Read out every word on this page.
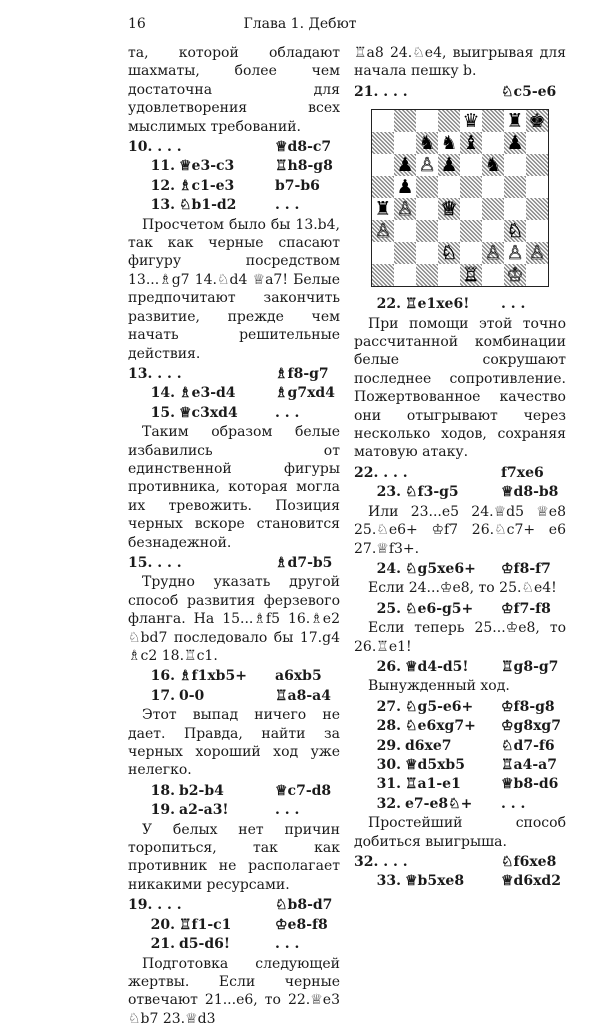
16	Глава 1. Дебют

та, которой обладают шахматы, более чем достаточна для удовлетворения всех мыслимых требований.

10. . . .	♕d8-c7
11. ♕e3-c3	♖h8-g8
12. ♗c1-e3	b7-b6
13. ♘b1-d2	. . .

Просчетом было бы 13.b4, так как черные спасают фигуру посредством 13...♗g7 14.♘d4 ♕a7! Белые предпочитают закончить развитие, прежде чем начать решительные действия.

13. . . .	♗f8-g7
14. ♗e3-d4	♗g7xd4
15. ♕c3xd4	. . .

Таким образом белые избавились от единственной фигуры противника, которая могла их тревожить. Позиция черных вскоре становится безнадежной.

15. . . .	♗d7-b5

Трудно указать другой способ развития ферзевого фланга. На 15...♗f5 16.♗e2 ♘bd7 последовало бы 17.g4 ♗c2 18.♖c1.

16. ♗f1xb5+	a6xb5
17. 0-0	♖a8-a4

Этот выпад ничего не дает. Правда, найти за черных хороший ход уже нелегко.

18. b2-b4	♕c7-d8
19. a2-a3!	. . .

У белых нет причин торопиться, так как противник не располагает никакими ресурсами.

19. . . .	♘b8-d7
20. ♖f1-c1	♔e8-f8
21. d5-d6!	. . .

Подготовка следующей жертвы. Если черные отвечают 21...e6, то 22.♕e3 ♘b7 23.♕d3

♖a8 24.♘e4, выигрывая для начала пешку b.

21. . . .	♘c5-e6
♛ ♜ ♚
♞ ♞ ♝ ♟
♟ ♙ ♟ ♞
♟
♜ ♙ ♕
♙	♘
♘ ♙ ♙ ♙
♖ ♔
22. ♖e1xe6!	. . .

При помощи этой точно рассчитанной комбинации белые сокрушают последнее сопротивление. Пожертвованное качество они отыгрывают через несколько ходов, сохраняя матовую атаку.

22. . . .	f7xe6
23. ♘f3-g5	♕d8-b8

Или 23...e5 24.♕d5 ♕e8 25.♘e6+ ♔f7 26.♘c7+ e6 27.♕f3+.

24. ♘g5xe6+	♔f8-f7

Если 24...♔e8, то 25.♘e4!

25. ♘e6-g5+	♔f7-f8

Если теперь 25...♔e8, то 26.♖e1!

26. ♕d4-d5!	♖g8-g7

Вынужденный ход.

27. ♘g5-e6+	♔f8-g8
28. ♘e6xg7+	♔g8xg7
29. d6xe7	♘d7-f6
30. ♕d5xb5	♖a4-a7
31. ♖a1-e1	♕b8-d6
32. e7-e8♘+	. . .

Простейший способ добиться выигрыша.

32. . . .	♘f6xe8
33. ♕b5xe8	♕d6xd2
